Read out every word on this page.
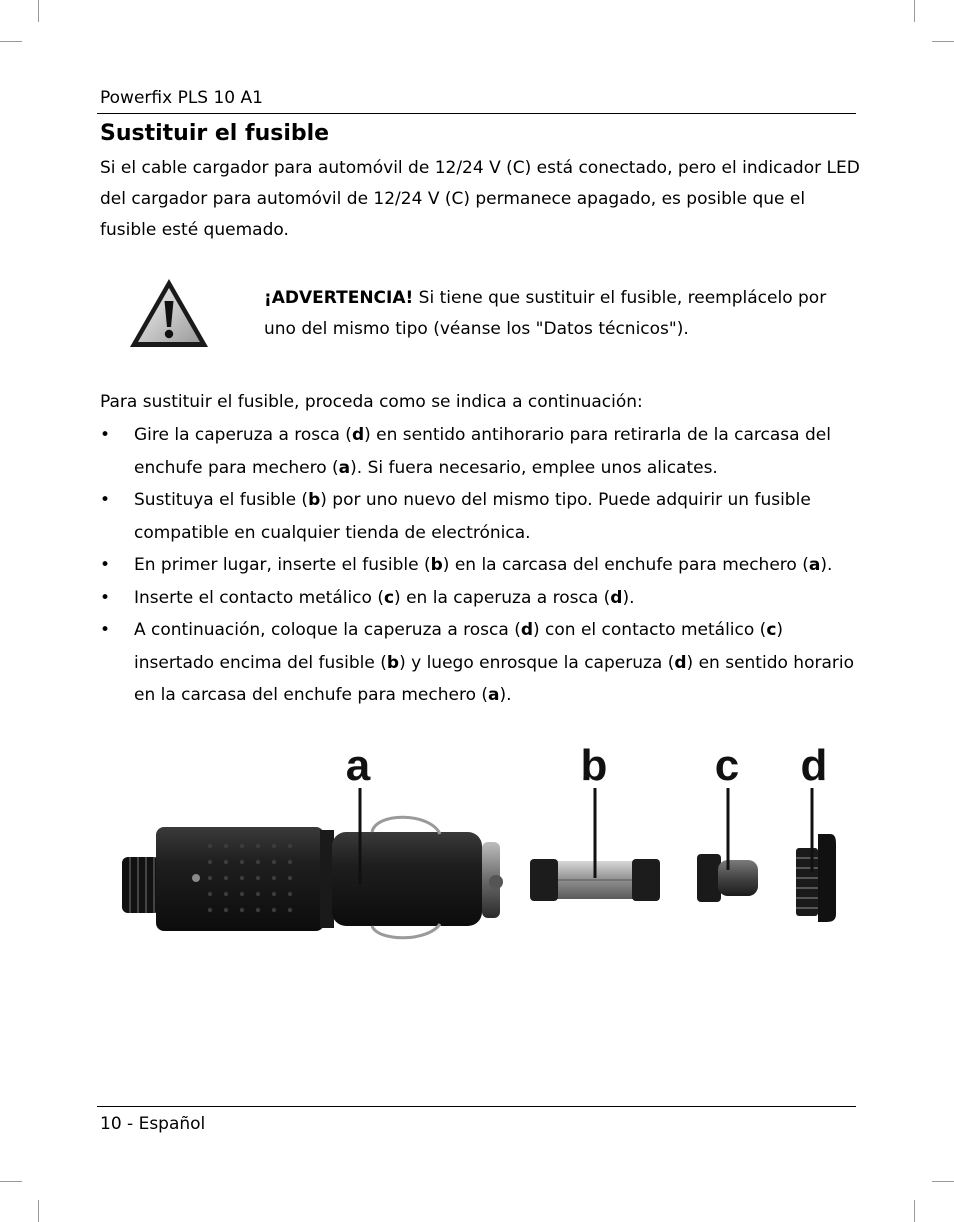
Powerfix PLS 10 A1
Sustituir el fusible

Si el cable cargador para automóvil de 12/24 V (C) está conectado, pero el indicador LED del cargador para automóvil de 12/24 V (C) permanece apagado, es posible que el fusible esté quemado.

¡ADVERTENCIA! Si tiene que sustituir el fusible, reemplácelo por uno del mismo tipo (véanse los "Datos técnicos").

Para sustituir el fusible, proceda como se indica a continuación:

• Gire la caperuza a rosca (d) en sentido antihorario para retirarla de la carcasa del enchufe para mechero (a). Si fuera necesario, emplee unos alicates.
• Sustituya el fusible (b) por uno nuevo del mismo tipo. Puede adquirir un fusible compatible en cualquier tienda de electrónica.
• En primer lugar, inserte el fusible (b) en la carcasa del enchufe para mechero (a).
• Inserte el contacto metálico (c) en la caperuza a rosca (d).
• A continuación, coloque la caperuza a rosca (d) con el contacto metálico (c) insertado encima del fusible (b) y luego enrosque la caperuza (d) en sentido horario en la carcasa del enchufe para mechero (a).
a	b c d
10 - Español
